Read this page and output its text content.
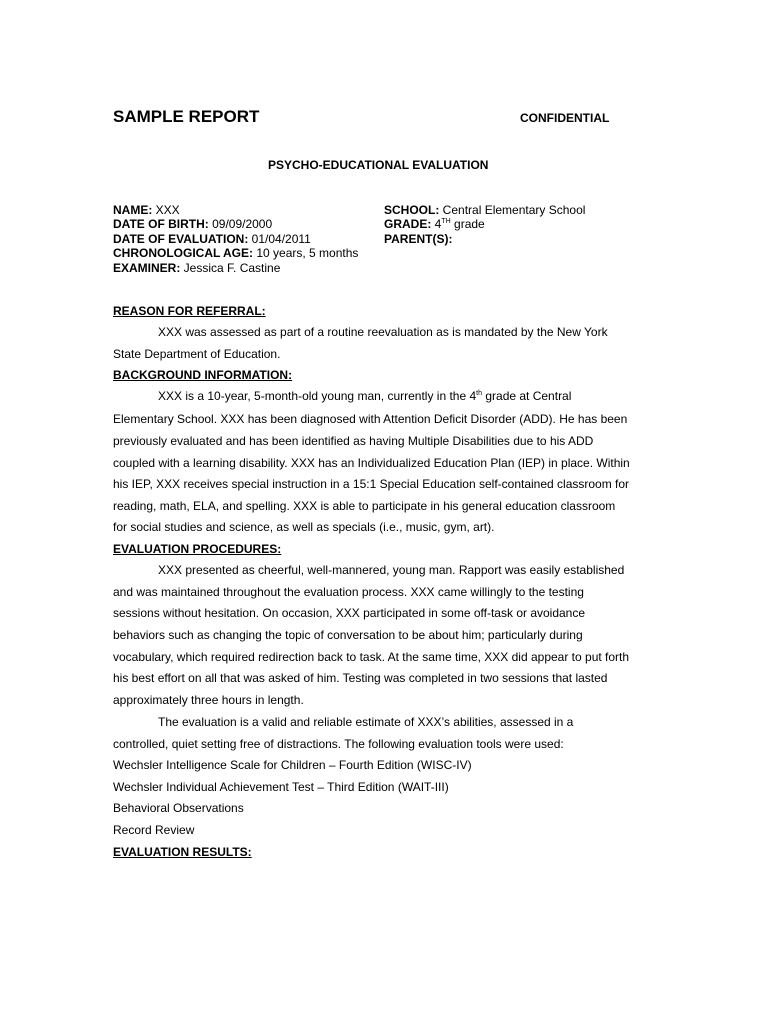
SAMPLE REPORT	CONFIDENTIAL
PSYCHO-EDUCATIONAL EVALUATION
NAME: XXX
DATE OF BIRTH: 09/09/2000
DATE OF EVALUATION: 01/04/2011
CHRONOLOGICAL AGE: 10 years, 5 months
EXAMINER: Jessica F. Castine
SCHOOL: Central Elementary School
GRADE: 4TH grade
PARENT(S):
REASON FOR REFERRAL:
XXX was assessed as part of a routine reevaluation as is mandated by the New York
State Department of Education.
BACKGROUND INFORMATION:
XXX is a 10-year, 5-month-old young man, currently in the 4th grade at Central
Elementary School. XXX has been diagnosed with Attention Deficit Disorder (ADD). He has been
previously evaluated and has been identified as having Multiple Disabilities due to his ADD
coupled with a learning disability. XXX has an Individualized Education Plan (IEP) in place. Within
his IEP, XXX receives special instruction in a 15:1 Special Education self-contained classroom for
reading, math, ELA, and spelling. XXX is able to participate in his general education classroom
for social studies and science, as well as specials (i.e., music, gym, art).
EVALUATION PROCEDURES:
XXX presented as cheerful, well-mannered, young man. Rapport was easily established
and was maintained throughout the evaluation process. XXX came willingly to the testing
sessions without hesitation. On occasion, XXX participated in some off-task or avoidance
behaviors such as changing the topic of conversation to be about him; particularly during
vocabulary, which required redirection back to task. At the same time, XXX did appear to put forth
his best effort on all that was asked of him. Testing was completed in two sessions that lasted
approximately three hours in length.
The evaluation is a valid and reliable estimate of XXX’s abilities, assessed in a
controlled, quiet setting free of distractions. The following evaluation tools were used:
Wechsler Intelligence Scale for Children – Fourth Edition (WISC-IV)
Wechsler Individual Achievement Test – Third Edition (WAIT-III)
Behavioral Observations
Record Review
EVALUATION RESULTS:
